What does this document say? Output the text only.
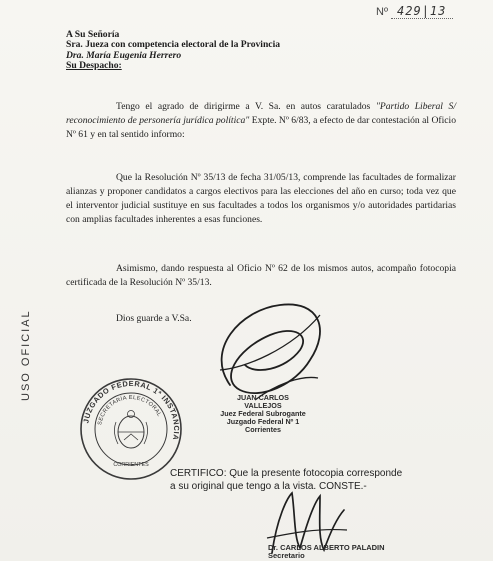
Nº 429|13
A Su Señoría
Sra. Jueza con competencia electoral de la Provincia
Dra. María Eugenia Herrero
Su Despacho:
Tengo el agrado de dirigirme a V. Sa. en autos caratulados "Partido Liberal S/ reconocimiento de personería jurídica política" Expte. Nº 6/83, a efecto de dar contestación al Oficio Nº 61 y en tal sentido informo:
Que la Resolución Nº 35/13 de fecha 31/05/13, comprende las facultades de formalizar alianzas y proponer candidatos a cargos electivos para las elecciones del año en curso; toda vez que el interventor judicial sustituye en sus facultades a todos los organismos y/o autoridades partidarias con amplias facultades inherentes a esas funciones.
Asimismo, dando respuesta al Oficio Nº 62 de los mismos autos, acompaño fotocopia certificada de la Resolución Nº 35/13.
Dios guarde a V.Sa.
USO OFICIAL
JUZGADO FEDERAL 1ª INSTANCIA
SECRETARÍA ELECTORAL
CORRIENTES
JUAN CARLOS VALLEJOS
Juez Federal Subrogante
Juzgado Federal Nº 1
Corrientes
CERTIFICO: Que la presente fotocopia corresponde
a su original que tengo a la vista. CONSTE.-
Dr. CARLOS ALBERTO PALADIN
Secretario
